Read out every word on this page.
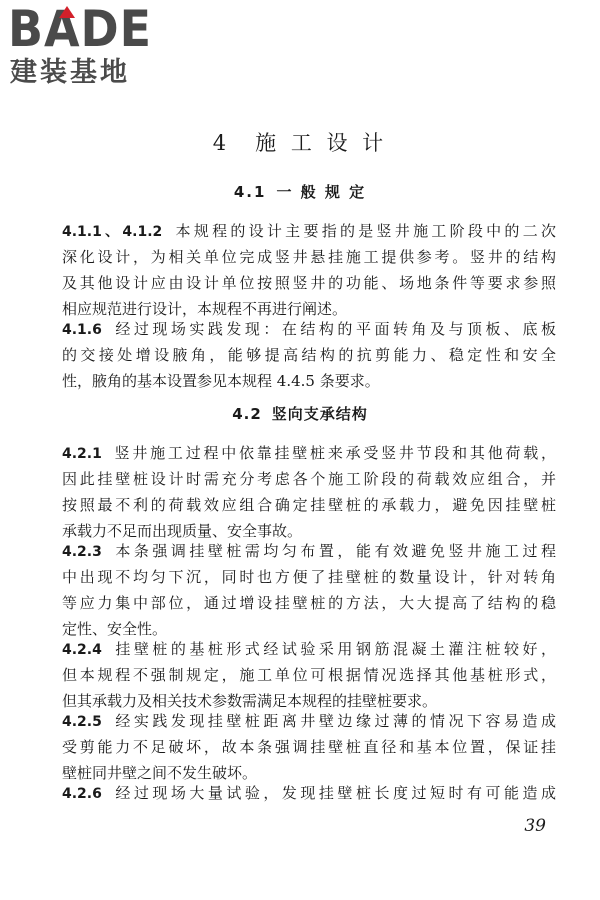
BADE
建装基地
4　施 工 设 计
4.1 一 般 规 定
4.1.1、4.1.2 本规程的设计主要指的是竖井施工阶段中的二次
深化设计，为相关单位完成竖井悬挂施工提供参考。竖井的结构
及其他设计应由设计单位按照竖井的功能、场地条件等要求参照
相应规范进行设计，本规程不再进行阐述。
4.1.6 经过现场实践发现：在结构的平面转角及与顶板、底板
的交接处增设腋角，能够提高结构的抗剪能力、稳定性和安全
性，腋角的基本设置参见本规程 4.4.5 条要求。
4.2 竖向支承结构
4.2.1 竖井施工过程中依靠挂壁桩来承受竖井节段和其他荷载，
因此挂壁桩设计时需充分考虑各个施工阶段的荷载效应组合，并
按照最不利的荷载效应组合确定挂壁桩的承载力，避免因挂壁桩
承载力不足而出现质量、安全事故。
4.2.3 本条强调挂壁桩需均匀布置，能有效避免竖井施工过程
中出现不均匀下沉，同时也方便了挂壁桩的数量设计，针对转角
等应力集中部位，通过增设挂壁桩的方法，大大提高了结构的稳
定性、安全性。
4.2.4 挂壁桩的基桩形式经试验采用钢筋混凝土灌注桩较好，
但本规程不强制规定，施工单位可根据情况选择其他基桩形式，
但其承载力及相关技术参数需满足本规程的挂壁桩要求。
4.2.5 经实践发现挂壁桩距离井壁边缘过薄的情况下容易造成
受剪能力不足破坏，故本条强调挂壁桩直径和基本位置，保证挂
壁桩同井壁之间不发生破坏。
4.2.6 经过现场大量试验，发现挂壁桩长度过短时有可能造成
39
